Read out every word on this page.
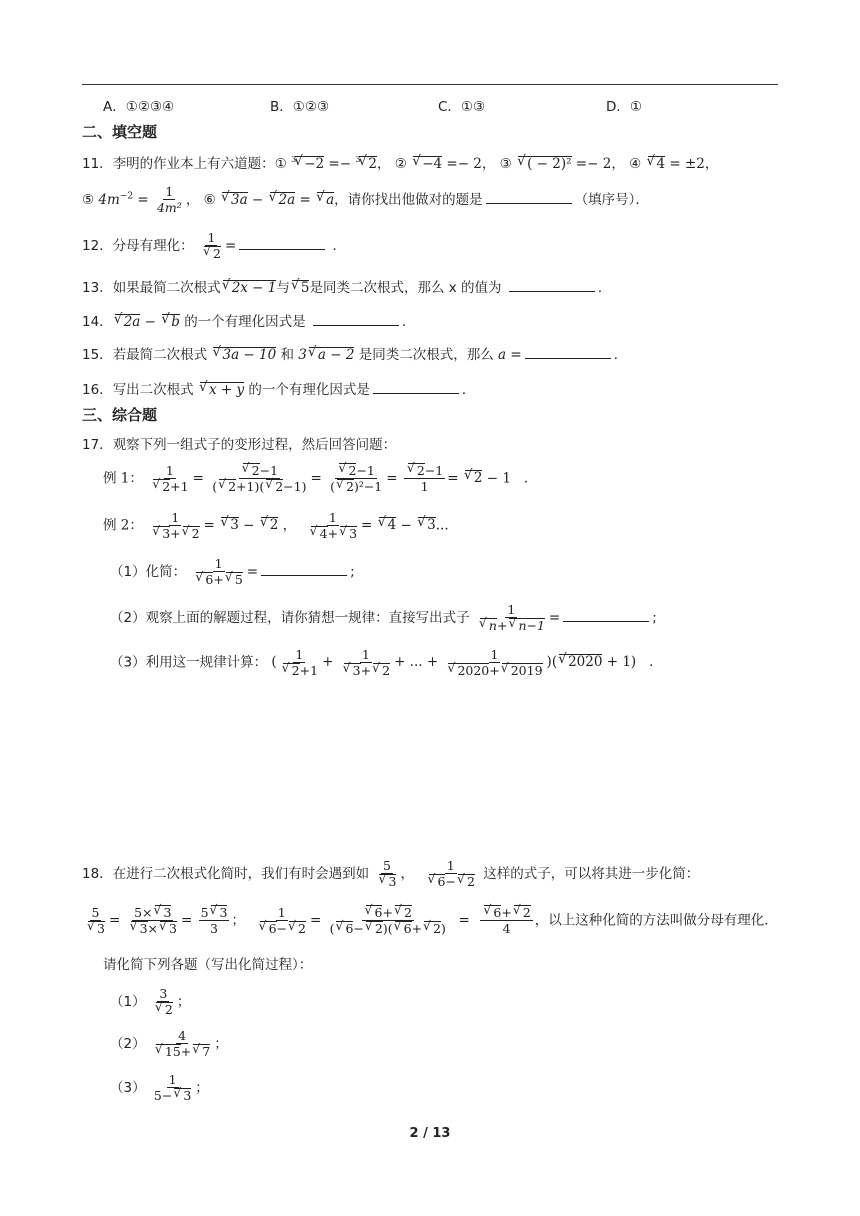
A．①②③④	B．①②③	C．①③	D．①
二、填空题
11．李明的作业本上有六道题：① $^3$ √ −2 =− $^3$ √ 2， ② √ −4 =− 2， ③ √ ( − 2)² =− 2， ④ √ 4 = ±2，
⑤ $4m^{-2} = \frac{1}{\text{4m²}}$ ， ⑥ √ 3a − √ 2a = √ a，请你找出他做对的题是	（填序号）．
12．分母有理化： 1
√ 2 =	．
13．如果最简二次根式 √ 2x − 1与 √ 5是同类二次根式，那么 x 的值为	．
14． √ 2a − √ b 的一个有理化因式是	．
15．若最简二次根式 √ 3a − 10 和 3 √ a − 2 是同类二次根式，那么 a =	．
16．写出二次根式 √ x + y 的一个有理化因式是	．
三、综合题
17．观察下列一组式子的变形过程，然后回答问题：
例 1： 1
√ 2+1 = √ $\frac{2-1}{( √ 2+1)( √ 2-1)}$ = √ $\frac{2-1}{\text{( √ 2)²−1}}$ = √ $\frac{2-1}{1}$ = √ 2 − 1   ．
例 2： 1
√ 3+ √ 2 = √ 3 − √ 2 ， 1
√ 4+ √ 3 = √ 4 − √ 3...
（1）化简： 1
√ 6+ √ 5 =	;
（2）观察上面的解题过程，请你猜想一规律：直接写出式子 1
√ n+ √ n−1 =	;
（3）利用这一规律计算： ( 1
√ 2+1 + 1
√ 3+ √ 2 + ... + 1
√ 2020+ √ 2019 )( √ 2020 + 1)   ．
18．在进行二次根式化简时，我们有时会遇到如 5
√ 3 ， 1
√ 6− √ 2 这样的式子，可以将其进一步化简：
5
√ 3 = 5× √ 3
√ 3× √ $3 = \frac{5 √ 3}{3}$ ； 1
√ 6− √ 2 = √ $\frac{6+ √ 2}{( √ 6- √ 2)( √ 6+ √ 2)}$ = √ $\frac{6+ √ 2}{4}$ ，以上这种化简的方法叫做分母有理化．
请化简下列各题（写出化简过程）：
（1） 3
√ 2 ；
（2） 4
√ 15+ √ 7 ；
$(3) \frac{1}{5- √ 3}$ ；
2 / 13
